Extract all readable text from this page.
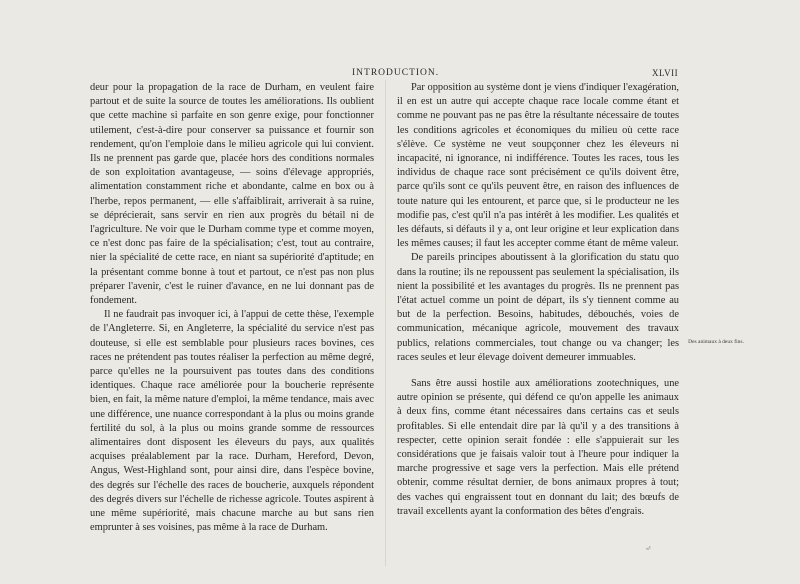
INTRODUCTION.	XLVII

deur pour la propagation de la race de Durham, en veulent faire partout et de suite la source de toutes les améliorations. Ils oublient que cette machine si parfaite en son genre exige, pour fonctionner utilement, c'est-à-dire pour conserver sa puissance et fournir son rendement, qu'on l'emploie dans le milieu agricole qui lui convient. Ils ne prennent pas garde que, placée hors des conditions normales de son exploitation avantageuse, — soins d'élevage appropriés, alimentation constamment riche et abondante, calme en box ou à l'herbe, repos permanent, — elle s'affaiblirait, arriverait à sa ruine, se déprécierait, sans servir en rien aux progrès du bétail ni de l'agriculture. Ne voir que le Durham comme type et comme moyen, ce n'est donc pas faire de la spécialisation; c'est, tout au contraire, nier la spécialité de cette race, en niant sa supériorité d'aptitude; en la présentant comme bonne à tout et partout, ce n'est pas non plus préparer l'avenir, c'est le ruiner d'avance, en ne lui donnant pas de fondement.

Il ne faudrait pas invoquer ici, à l'appui de cette thèse, l'exemple de l'Angleterre. Si, en Angleterre, la spécialité du service n'est pas douteuse, si elle est semblable pour plusieurs races bovines, ces races ne prétendent pas toutes réaliser la perfection au même degré, parce qu'elles ne la poursuivent pas toutes dans des conditions identiques. Chaque race améliorée pour la boucherie représente bien, en fait, la même nature d'emploi, la même tendance, mais avec une différence, une nuance correspondant à la plus ou moins grande fertilité du sol, à la plus ou moins grande somme de ressources alimentaires dont disposent les éleveurs du pays, aux qualités acquises préalablement par la race. Durham, Hereford, Devon, Angus, West-Highland sont, pour ainsi dire, dans l'espèce bovine, des degrés sur l'échelle des races de boucherie, auxquels répondent des degrés divers sur l'échelle de richesse agricole. Toutes aspirent à une même supériorité, mais chacune marche au but sans rien emprunter à ses voisines, pas même à la race de Durham.

Par opposition au système dont je viens d'indiquer l'exagération, il en est un autre qui accepte chaque race locale comme étant et comme ne pouvant pas ne pas être la résultante nécessaire de toutes les conditions agricoles et économiques du milieu où cette race s'élève. Ce système ne veut soupçonner chez les éleveurs ni incapacité, ni ignorance, ni indifférence. Toutes les races, tous les individus de chaque race sont précisément ce qu'ils doivent être, parce qu'ils sont ce qu'ils peuvent être, en raison des influences de toute nature qui les entourent, et parce que, si le producteur ne les modifie pas, c'est qu'il n'a pas intérêt à les modifier. Les qualités et les défauts, si défauts il y a, ont leur origine et leur explication dans les mêmes causes; il faut les accepter comme étant de même valeur.

De pareils principes aboutissent à la glorification du statu quo dans la routine; ils ne repoussent pas seulement la spécialisation, ils nient la possibilité et les avantages du progrès. Ils ne prennent pas l'état actuel comme un point de départ, ils s'y tiennent comme au but de la perfection. Besoins, habitudes, débouchés, voies de communication, mécanique agricole, mouvement des travaux publics, relations commerciales, tout change ou va changer; les races seules et leur élevage doivent demeurer immuables.

Sans être aussi hostile aux améliorations zootechniques, une autre opinion se présente, qui défend ce qu'on appelle les animaux à deux fins, comme étant nécessaires dans certains cas et seuls profitables. Si elle entendait dire par là qu'il y a des transitions à respecter, cette opinion serait fondée : elle s'appuierait sur les considérations que je faisais valoir tout à l'heure pour indiquer la marche progressive et sage vers la perfection. Mais elle prétend obtenir, comme résultat dernier, de bons animaux propres à tout; des vaches qui engraissent tout en donnant du lait; des bœufs de travail excellents ayant la conformation des bêtes d'engrais.

Des animaux à deux fins.
«¹
